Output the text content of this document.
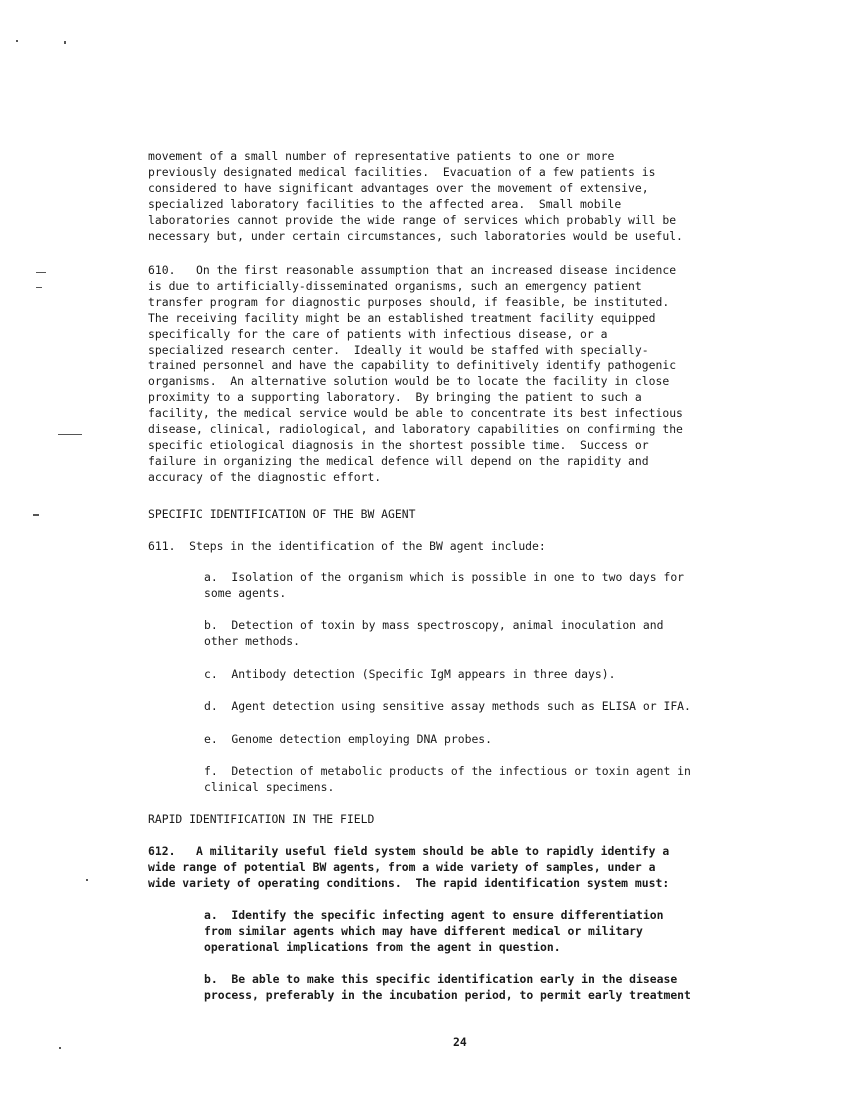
movement of a small number of representative patients to one or more
previously designated medical facilities.  Evacuation of a few patients is
considered to have significant advantages over the movement of extensive,
specialized laboratory facilities to the affected area.  Small mobile
laboratories cannot provide the wide range of services which probably will be
necessary but, under certain circumstances, such laboratories would be useful.

610.   On the first reasonable assumption that an increased disease incidence
is due to artificially-disseminated organisms, such an emergency patient
transfer program for diagnostic purposes should, if feasible, be instituted.
The receiving facility might be an established treatment facility equipped
specifically for the care of patients with infectious disease, or a
specialized research center.  Ideally it would be staffed with specially-
trained personnel and have the capability to definitively identify pathogenic
organisms.  An alternative solution would be to locate the facility in close
proximity to a supporting laboratory.  By bringing the patient to such a
facility, the medical service would be able to concentrate its best infectious
disease, clinical, radiological, and laboratory capabilities on confirming the
specific etiological diagnosis in the shortest possible time.  Success or
failure in organizing the medical defence will depend on the rapidity and
accuracy of the diagnostic effort.

SPECIFIC IDENTIFICATION OF THE BW AGENT

611.  Steps in the identification of the BW agent include:

a.  Isolation of the organism which is possible in one to two days for
some agents.

b.  Detection of toxin by mass spectroscopy, animal inoculation and
other methods.

c.  Antibody detection (Specific IgM appears in three days).

d.  Agent detection using sensitive assay methods such as ELISA or IFA.

e.  Genome detection employing DNA probes.

f.  Detection of metabolic products of the infectious or toxin agent in
clinical specimens.

RAPID IDENTIFICATION IN THE FIELD

612.   A militarily useful field system should be able to rapidly identify a
wide range of potential BW agents, from a wide variety of samples, under a
wide variety of operating conditions.  The rapid identification system must:

a.  Identify the specific infecting agent to ensure differentiation
from similar agents which may have different medical or military
operational implications from the agent in question.

b.  Be able to make this specific identification early in the disease
process, preferably in the incubation period, to permit early treatment

24
